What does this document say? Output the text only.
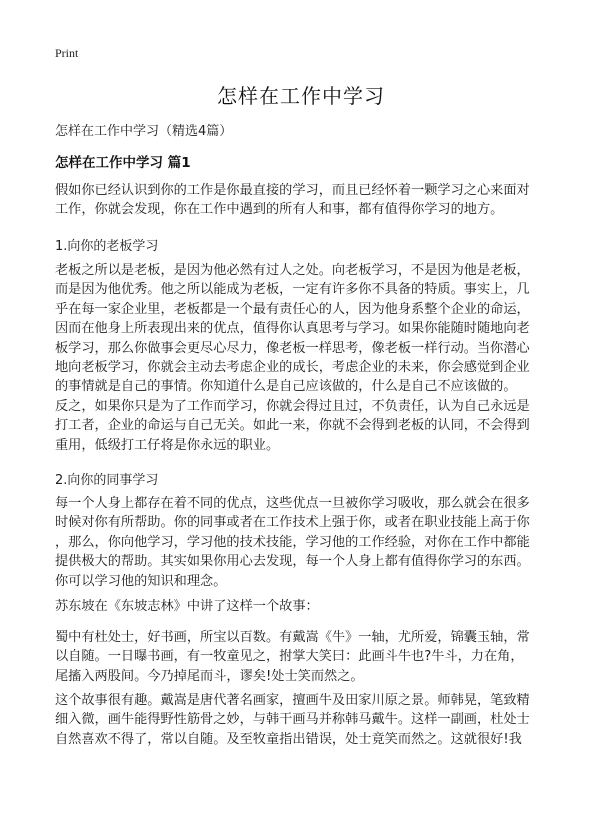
Print
怎样在工作中学习
怎样在工作中学习（精选4篇）
怎样在工作中学习 篇1

假如你已经认识到你的工作是你最直接的学习，而且已经怀着一颗学习之心来面对
工作，你就会发现，你在工作中遇到的所有人和事，都有值得你学习的地方。

1.向你的老板学习

老板之所以是老板，是因为他必然有过人之处。向老板学习，不是因为他是老板，
而是因为他优秀。他之所以能成为老板，一定有许多你不具备的特质。事实上，几
乎在每一家企业里，老板都是一个最有责任心的人，因为他身系整个企业的命运，
因而在他身上所表现出来的优点，值得你认真思考与学习。如果你能随时随地向老
板学习，那么你做事会更尽心尽力，像老板一样思考，像老板一样行动。当你潜心
地向老板学习，你就会主动去考虑企业的成长，考虑企业的未来，你会感觉到企业
的事情就是自己的事情。你知道什么是自己应该做的，什么是自己不应该做的。

反之，如果你只是为了工作而学习，你就会得过且过，不负责任，认为自己永远是
打工者，企业的命运与自己无关。如此一来，你就不会得到老板的认同，不会得到
重用，低级打工仔将是你永远的职业。

2.向你的同事学习

每一个人身上都存在着不同的优点，这些优点一旦被你学习吸收，那么就会在很多
时候对你有所帮助。你的同事或者在工作技术上强于你，或者在职业技能上高于你
，那么，你向他学习，学习他的技术技能，学习他的工作经验，对你在工作中都能
提供极大的帮助。其实如果你用心去发现，每一个人身上都有值得你学习的东西。
你可以学习他的知识和理念。

苏东坡在《东坡志林》中讲了这样一个故事：

蜀中有杜处士，好书画，所宝以百数。有戴嵩《牛》一轴，尤所爱，锦囊玉轴，常
以自随。一日曝书画，有一牧童见之，拊掌大笑曰：此画斗牛也?牛斗，力在角，
尾搐入两股间。今乃掉尾而斗，谬矣!处士笑而然之。

这个故事很有趣。戴嵩是唐代著名画家，擅画牛及田家川原之景。师韩晃，笔致精
细入微，画牛能得野性筋骨之妙，与韩干画马并称韩马戴牛。这样一副画，杜处士
自然喜欢不得了，常以自随。及至牧童指出错误，处士竟笑而然之。这就很好!我
